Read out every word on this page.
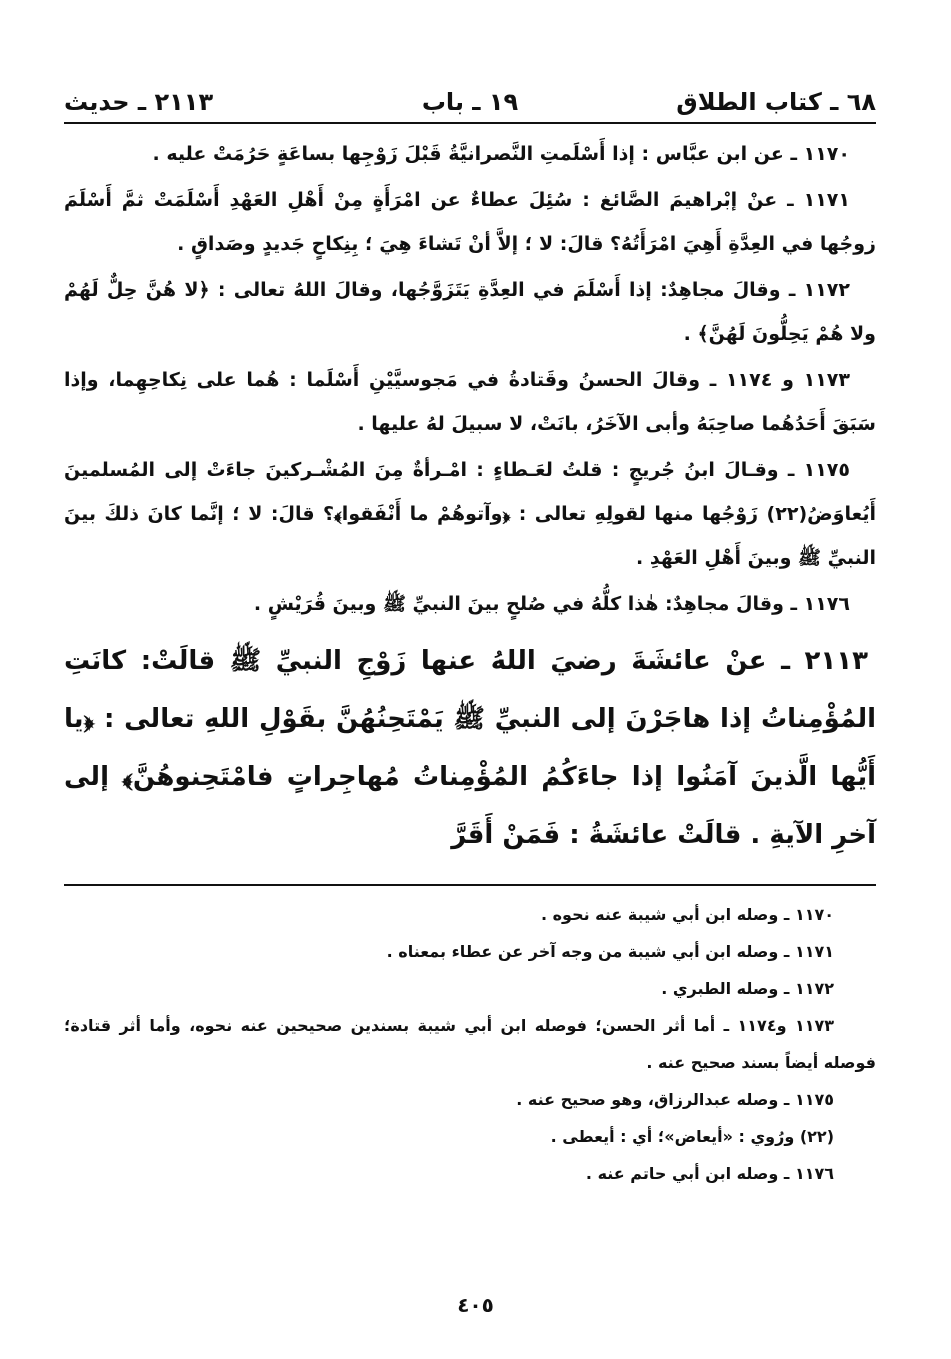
٦٨ ـ كتاب الطلاق
١٩ ـ باب
٢١١٣ ـ حديث

١١٧٠ ـ عن ابن عبَّاس : إذا أَسْلَمتِ النَّصرانيَّةُ قَبْلَ زَوْجِها بساعَةٍ حَرُمَتْ عليه .

١١٧١ ـ عنْ إبْراهيمَ الصَّائغ : سُئِلَ عطاءٌ عن امْرَأَةٍ مِنْ أَهْلِ العَهْدِ أَسْلَمَتْ ثمَّ أَسْلَمَ زوجُها في العِدَّةِ أَهِيَ امْرَأَتُهُ؟ قالَ: لا ؛ إلاَّ أنْ تَشاءَ هِيَ ؛ بِنِكاحٍ جَديدٍ وصَداقٍ .

١١٧٢ ـ وقالَ مجاهِدٌ: إذا أَسْلَمَ في العِدَّةِ يَتَزَوَّجُها، وقالَ اللهُ تعالى : ﴿لا هُنَّ حِلٌّ لَهُمْ ولا هُمْ يَحِلُّونَ لَهُنَّ﴾ .

١١٧٣ و ١١٧٤ ـ وقالَ الحسنُ وقَتادةُ في مَجوسيَّيْنِ أَسْلَما : هُما على نِكاحِهِما، وإذا سَبَقَ أَحَدُهُما صاحِبَهُ وأبى الآخَرُ، بانَتْ، لا سبيلَ لهُ عليها .

١١٧٥ ـ وقـالَ ابنُ جُريجٍ : قلتُ لعَـطاءٍ : امْـرأةٌ مِنَ المُشْـركينَ جاءَتْ إلى المُسلمينَ أَيُعاوَضُ(٢٢) زَوْجُها منها لقولِهِ تعالى : ﴿وآتوهُمْ ما أَنْفَقوا﴾؟ قالَ: لا ؛ إنَّما كانَ ذلكَ بينَ النبيِّ ﷺ وبينَ أَهْلِ العَهْدِ .

١١٧٦ ـ وقالَ مجاهِدٌ: هٰذا كلُّهُ في صُلحٍ بينَ النبيِّ ﷺ وبينَ قُرَيْشٍ .

٢١١٣ ـ عنْ عائشَةَ رضيَ اللهُ عنها زَوْجِ النبيِّ ﷺ قالَتْ: كانَتِ المُؤْمِناتُ إذا هاجَرْنَ إلى النبيِّ ﷺ يَمْتَحِنُهُنَّ بقَوْلِ اللهِ تعالى : ﴿يا أَيُّها الَّذينَ آمَنُوا إذا جاءَكُمُ المُؤْمِناتُ مُهاجِراتٍ فامْتَحِنوهُنَّ﴾ إلى آخرِ الآيةِ . قالَتْ عائشَةُ : فَمَنْ أَقَرَّ

١١٧٠ ـ وصله ابن أبي شيبة عنه نحوه .

١١٧١ ـ وصله ابن أبي شيبة من وجه آخر عن عطاء بمعناه .

١١٧٢ ـ وصله الطبري .

١١٧٣ و١١٧٤ ـ أما أثر الحسن؛ فوصله ابن أبي شيبة بسندين صحيحين عنه نحوه، وأما أثر قتادة؛ فوصله أيضاً بسند صحيح عنه .

١١٧٥ ـ وصله عبدالرزاق، وهو صحيح عنه .

(٢٢) ورُوي : «أيعاض»؛ أي : أيعطى .

١١٧٦ ـ وصله ابن أبي حاتم عنه .

٤٠٥
